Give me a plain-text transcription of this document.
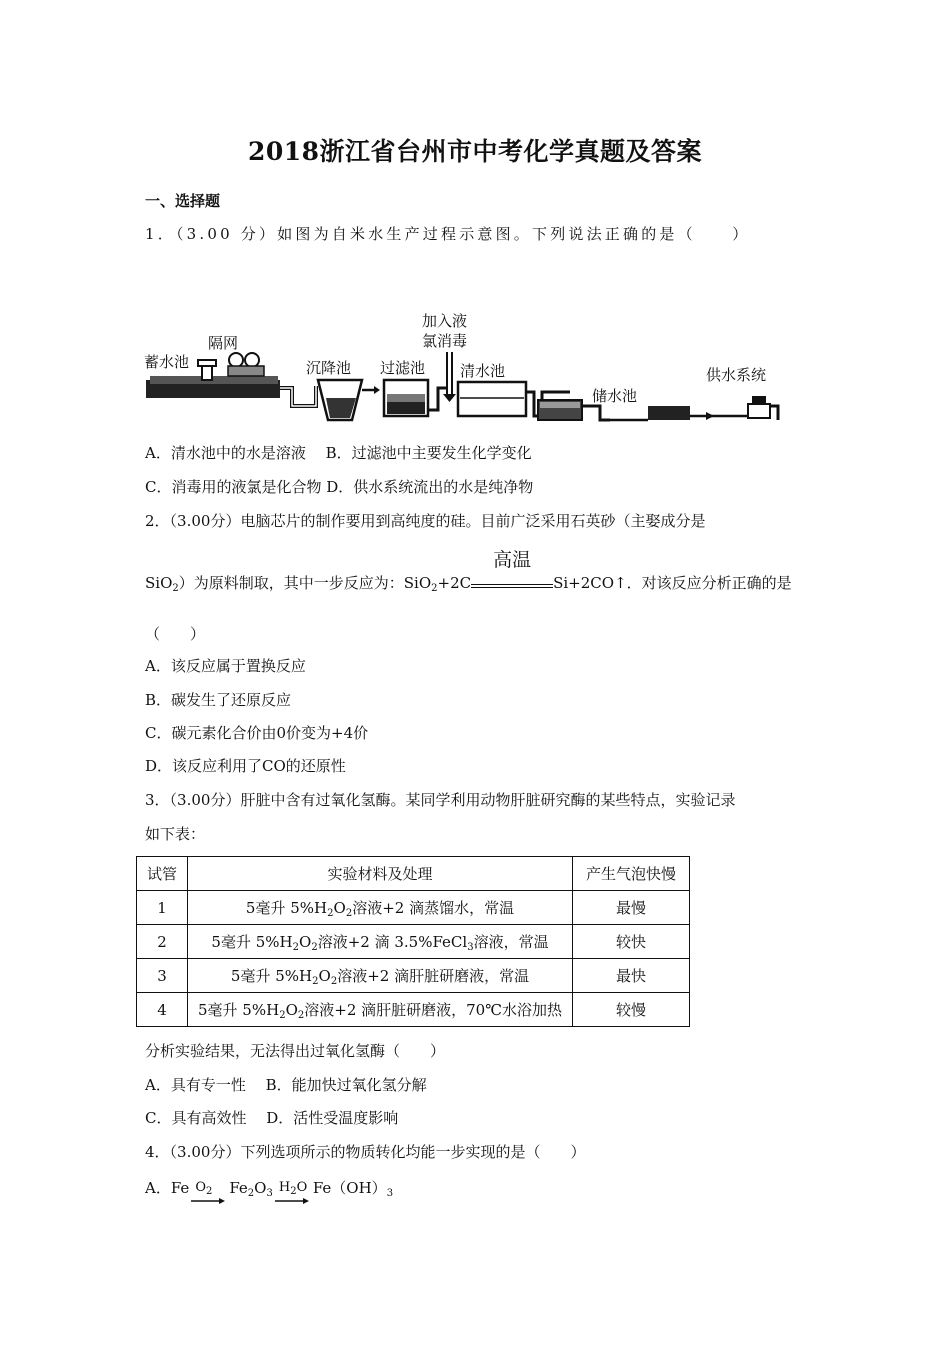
2018浙江省台州市中考化学真题及答案
一、选择题
1．（3.00 分）如图为自米水生产过程示意图。下列说法正确的是（　　）
蓄水池
隔网
沉降池 过滤池
加入液
氯消毒
清水池
储水池
供水系统
A．清水池中的水是溶液　 B．过滤池中主要发生化学变化
C．消毒用的液氯是化合物 D．供水系统流出的水是纯净物
2．（3.00分）电脑芯片的制作要用到高纯度的硅。目前广泛采用石英砂（主娶成分是
SiO$_2$）为原料制取，其中一步反应为：SiO$_2$+2C
高温
Si+2CO↑．对该反应分析正确的是
（　　）
A．该反应属于置换反应
B．碳发生了还原反应
C．碳元素化合价由0价变为+4价
D．该反应利用了CO的还原性
3．（3.00分）肝脏中含有过氧化氢酶。某同学利用动物肝脏研究酶的某些特点，实验记录
如下表：
试管	实验材料及处理	产生气泡快慢
1	5毫升 $5\%H_2O_2$溶液+2 滴蒸馏水，常温	最慢
2	5毫升 $5\%H_2O_2$溶液+2 滴 3.5%FeCl$_3$溶液，常温	较快
3	5毫升 $5\%H_2O_2$溶液+2 滴肝脏研磨液，常温	最快
4	5毫升 $5\%H_2O_2$溶液+2 滴肝脏研磨液，70℃水浴加热	较慢
分析实验结果，无法得出过氧化氢酶（　　）
A．具有专一性　 B．能加快过氧化氢分解
C．具有高效性　 D．活性受温度影响
4．（3.00分）下列选项所示的物质转化均能一步实现的是（　　）
A．Fe $O_2$ $Fe_2O_3$ $H_2O$ $Fe(OH)_3$
